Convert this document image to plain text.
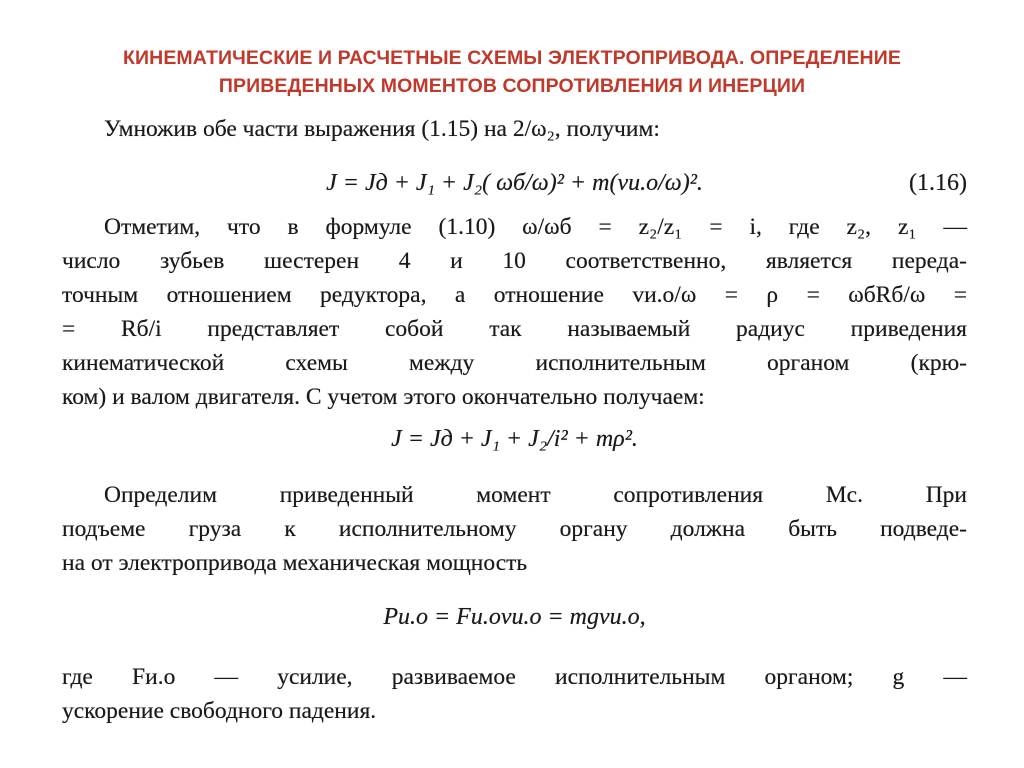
КИНЕМАТИЧЕСКИЕ И РАСЧЕТНЫЕ СХЕМЫ ЭЛЕКТРОПРИВОДА. ОПРЕДЕЛЕНИЕ
ПРИВЕДЕННЫХ МОМЕНТОВ СОПРОТИВЛЕНИЯ И ИНЕРЦИИ
Умножив обе части выражения (1.15) на 2/ω₂, получим:
J = Jд + J₁ + J₂( ωб/ω)² + m(vи.о/ω)².	(1.16)
Отметим, что в формуле (1.10) ω/ωб = z₂/z₁ = i, где z₂, z₁ —
число зубьев шестерен 4 и 10 соответственно, является переда-
точным отношением редуктора, а отношение vи.о/ω = ρ = ωбRб/ω =
= Rб/i представляет собой так называемый радиус приведения
кинематической схемы между исполнительным органом (крю-
ком) и валом двигателя. С учетом этого окончательно получаем:
J = Jд + J₁ + J₂/i² + mρ².
Определим приведенный момент сопротивления Mc. При
подъеме груза к исполнительному органу должна быть подведе-
на от электропривода механическая мощность
Pи.о = Fи.оvи.о = mgvи.о,
где Fи.о — усилие, развиваемое исполнительным органом; g —
ускорение свободного падения.
